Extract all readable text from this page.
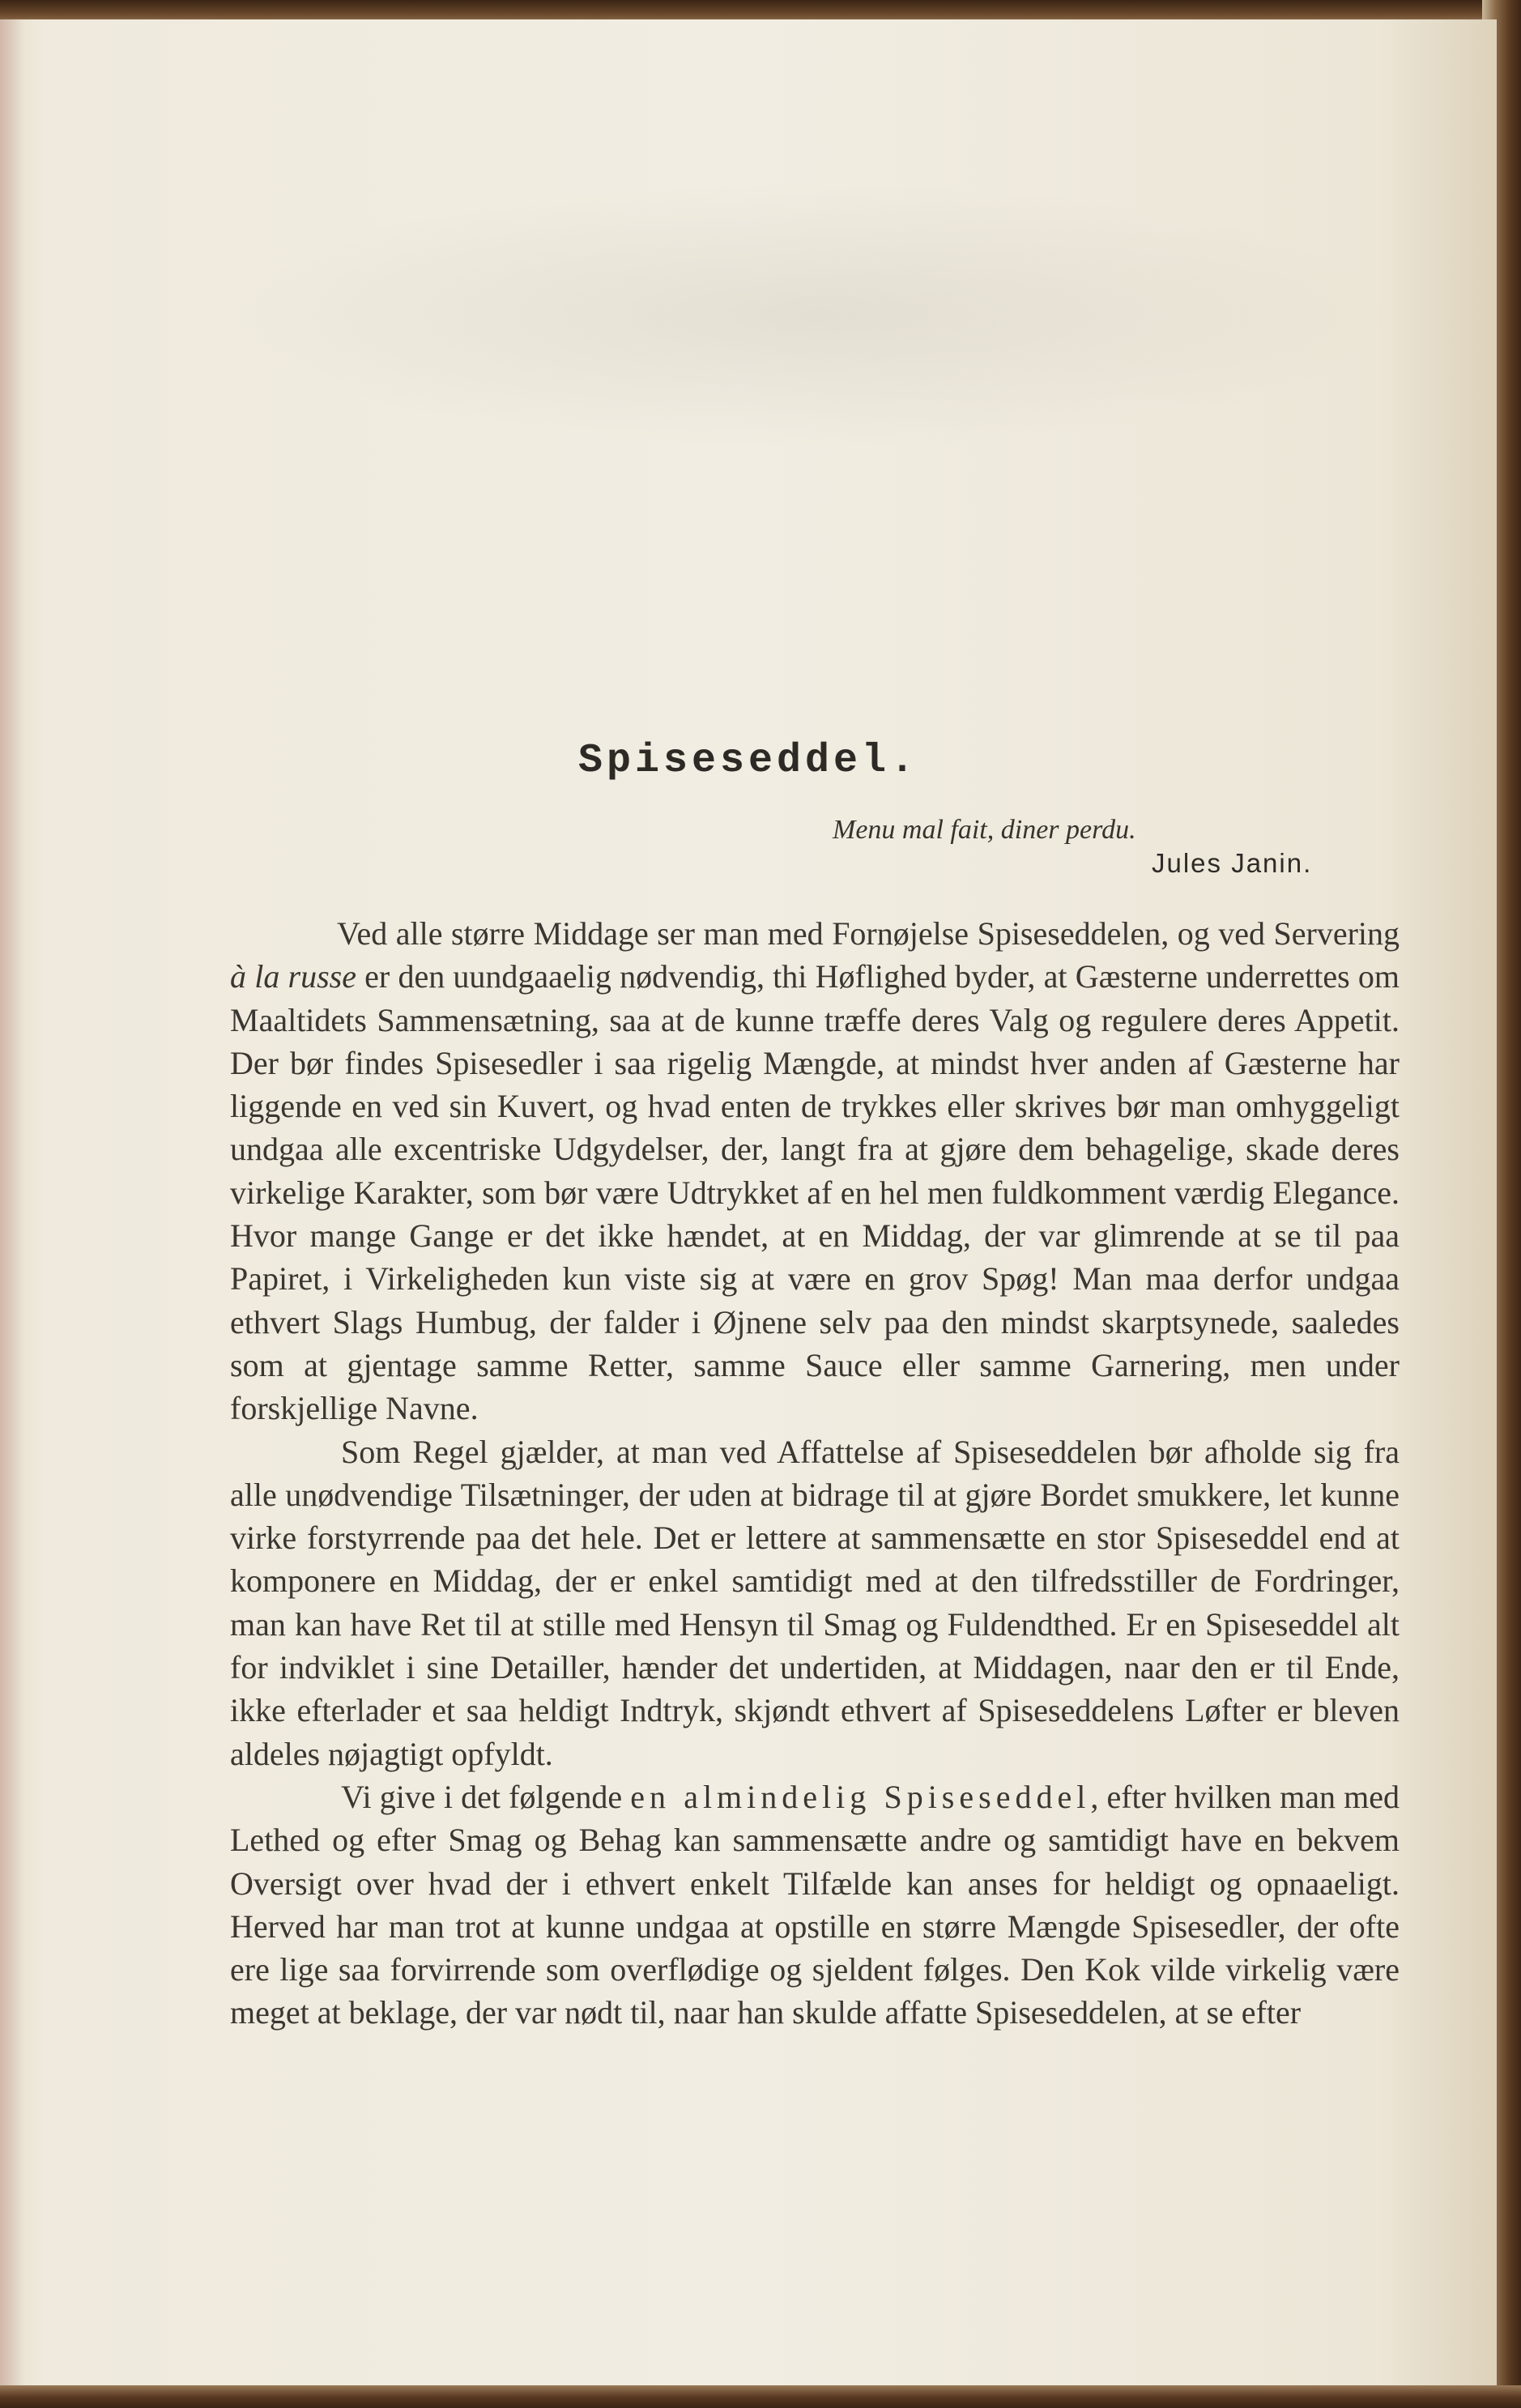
Spiseseddel.
Menu mal fait, diner perdu.
Jules Janin.

Ved alle større Middage ser man med Fornøjelse Spiseseddelen, og ved Servering à la russe er den uundgaaelig nødvendig, thi Høflighed byder, at Gæsterne underrettes om Maaltidets Sammensætning, saa at de kunne træffe deres Valg og regulere deres Appetit. Der bør findes Spisesedler i saa rigelig Mængde, at mindst hver anden af Gæsterne har liggende en ved sin Kuvert, og hvad enten de trykkes eller skrives bør man omhyggeligt undgaa alle excentriske Udgydelser, der, langt fra at gjøre dem behagelige, skade deres virkelige Karakter, som bør være Udtrykket af en hel men fuldkomment værdig Elegance. Hvor mange Gange er det ikke hændet, at en Middag, der var glimrende at se til paa Papiret, i Virkeligheden kun viste sig at være en grov Spøg! Man maa derfor undgaa ethvert Slags Humbug, der falder i Øjnene selv paa den mindst skarptsynede, saaledes som at gjentage samme Retter, samme Sauce eller samme Garnering, men under forskjellige Navne.

Som Regel gjælder, at man ved Affattelse af Spiseseddelen bør afholde sig fra alle unødvendige Tilsætninger, der uden at bidrage til at gjøre Bordet smukkere, let kunne virke forstyrrende paa det hele. Det er lettere at sammensætte en stor Spiseseddel end at komponere en Middag, der er enkel samtidigt med at den tilfredsstiller de Fordringer, man kan have Ret til at stille med Hensyn til Smag og Fuldendthed. Er en Spiseseddel alt for indviklet i sine Detailler, hænder det undertiden, at Middagen, naar den er til Ende, ikke efterlader et saa heldigt Indtryk, skjøndt ethvert af Spiseseddelens Løfter er bleven aldeles nøjagtigt opfyldt.

Vi give i det følgende en almindelig Spiseseddel, efter hvilken man med Lethed og efter Smag og Behag kan sammensætte andre og samtidigt have en bekvem Oversigt over hvad der i ethvert enkelt Tilfælde kan anses for heldigt og opnaaeligt. Herved har man trot at kunne undgaa at opstille en større Mængde Spisesedler, der ofte ere lige saa forvirrende som overflødige og sjeldent følges. Den Kok vilde virkelig være meget at beklage, der var nødt til, naar han skulde affatte Spiseseddelen, at se efter
